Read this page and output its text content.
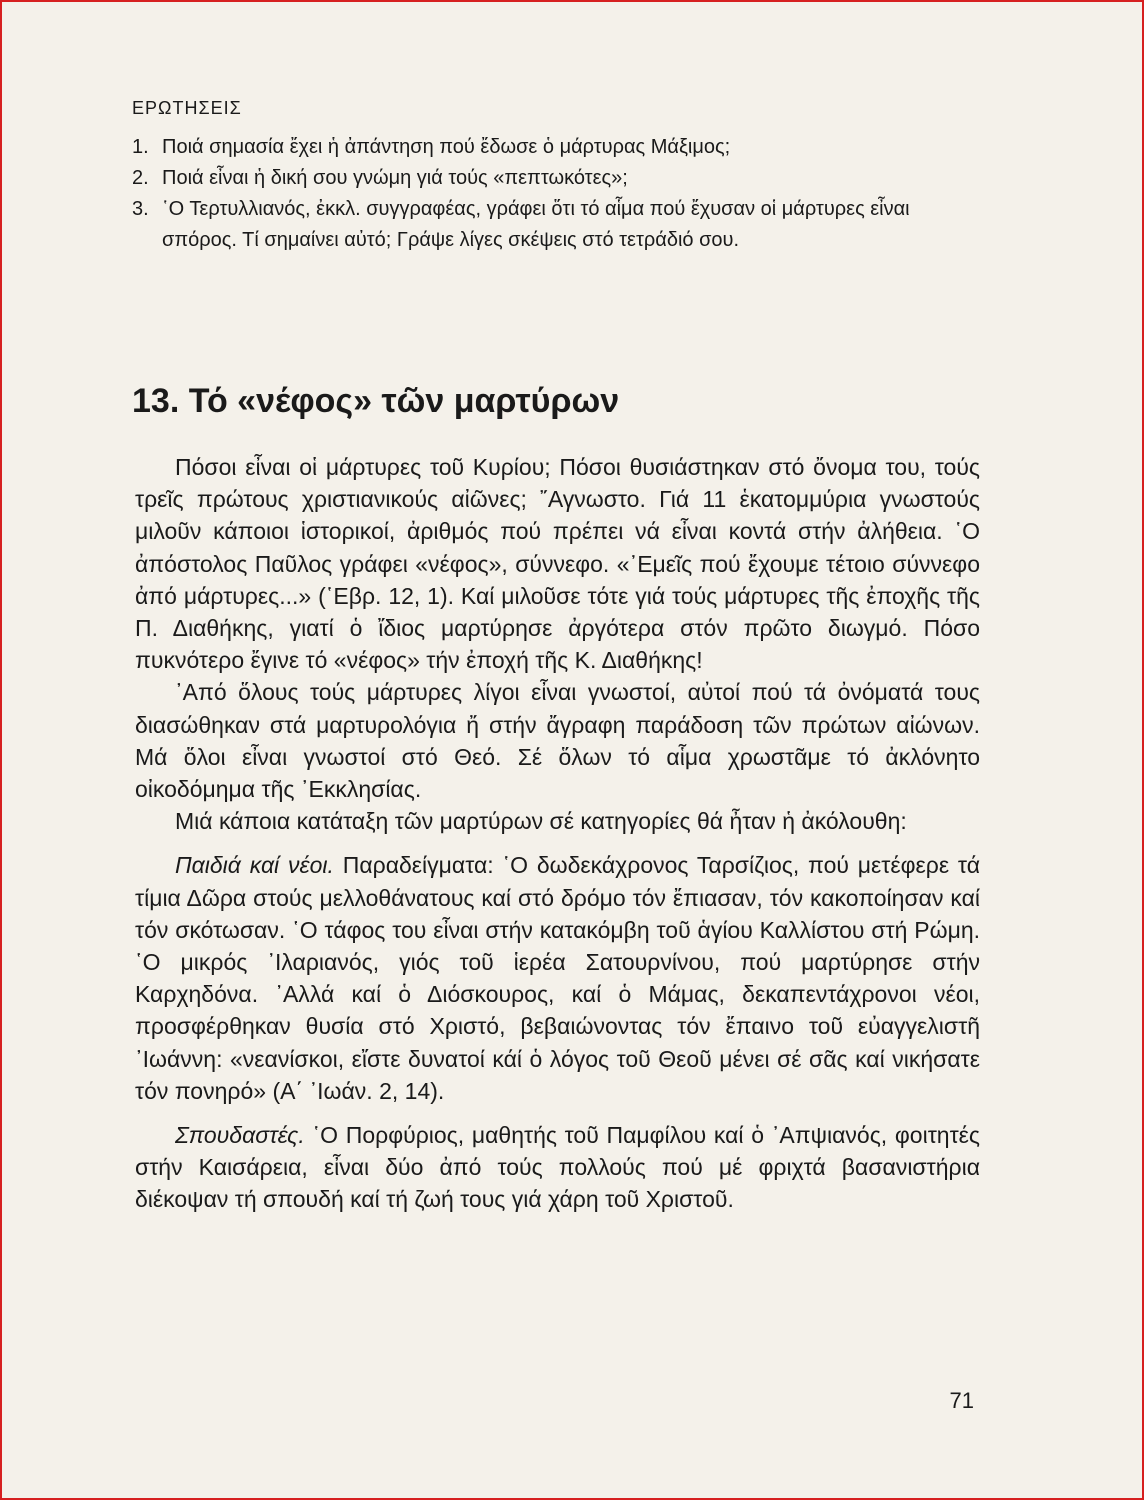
ΕΡΩΤΗΣΕΙΣ
1. Ποιά σημασία ἔχει ἡ ἀπάντηση πού ἔδωσε ὁ μάρτυρας Μάξιμος;
2. Ποιά εἶναι ἡ δική σου γνώμη γιά τούς «πεπτωκότες»;
3. ῾Ο Τερτυλλιανός, ἐκκλ. συγγραφέας, γράφει ὅτι τό αἷμα πού ἔχυσαν οἱ μάρτυρες εἶναι σπόρος. Τί σημαίνει αὐτό; Γράψε λίγες σκέψεις στό τετράδιό σου.
13. Τό «νέφος» τῶν μαρτύρων

Πόσοι εἶναι οἱ μάρτυρες τοῦ Κυρίου; Πόσοι θυσιάστηκαν στό ὄνομα του, τούς τρεῖς πρώτους χριστιανικούς αἰῶνες; ῎Αγνωστο. Γιά 11 ἑκατομμύρια γνωστούς μιλοῦν κάποιοι ἱστορικοί, ἀριθμός πού πρέπει νά εἶναι κοντά στήν ἀλήθεια. ῾Ο ἀπόστολος Παῦλος γράφει «νέφος», σύννεφο. «᾿Εμεῖς πού ἔχουμε τέτοιο σύννεφο ἀπό μάρτυρες...» (῾Εβρ. 12, 1). Καί μιλοῦσε τότε γιά τούς μάρτυρες τῆς ἐποχῆς τῆς Π. Διαθήκης, γιατί ὁ ἴδιος μαρτύρησε ἀργότερα στόν πρῶτο διωγμό. Πόσο πυκνότερο ἔγινε τό «νέφος» τήν ἐποχή τῆς Κ. Διαθήκης!

᾿Από ὅλους τούς μάρτυρες λίγοι εἶναι γνωστοί, αὐτοί πού τά ὀνόματά τους διασώθηκαν στά μαρτυρολόγια ἤ στήν ἄγραφη παράδοση τῶν πρώτων αἰώνων. Μά ὅλοι εἶναι γνωστοί στό Θεό. Σέ ὅλων τό αἷμα χρωστᾶμε τό ἀκλόνητο οἰκοδόμημα τῆς ᾿Εκκλησίας.

Μιά κάποια κατάταξη τῶν μαρτύρων σέ κατηγορίες θά ἦταν ἡ ἀκόλουθη:

Παιδιά καί νέοι. Παραδείγματα: ῾Ο δωδεκάχρονος Ταρσίζιος, πού μετέφερε τά τίμια Δῶρα στούς μελλοθάνατους καί στό δρόμο τόν ἔπιασαν, τόν κακοποίησαν καί τόν σκότωσαν. ῾Ο τάφος του εἶναι στήν κατακόμβη τοῦ ἁγίου Καλλίστου στή Ρώμη. ῾Ο μικρός ᾿Ιλαριανός, γιός τοῦ ἱερέα Σατουρνίνου, πού μαρτύρησε στήν Καρχηδόνα. ᾿Αλλά καί ὁ Διόσκουρος, καί ὁ Μάμας, δεκαπεντάχρονοι νέοι, προσφέρθηκαν θυσία στό Χριστό, βεβαιώνοντας τόν ἔπαινο τοῦ εὐαγγελιστῆ ᾿Ιωάννη: «νεανίσκοι, εἴστε δυνατοί κάί ὁ λόγος τοῦ Θεοῦ μένει σέ σᾶς καί νικήσατε τόν πονηρό» (Α΄ ᾿Ιωάν. 2, 14).

Σπουδαστές. ῾Ο Πορφύριος, μαθητής τοῦ Παμφίλου καί ὁ ᾿Απψιανός, φοιτητές στήν Καισάρεια, εἶναι δύο ἀπό τούς πολλούς πού μέ φριχτά βασανιστήρια διέκοψαν τή σπουδή καί τή ζωή τους γιά χάρη τοῦ Χριστοῦ.

71
